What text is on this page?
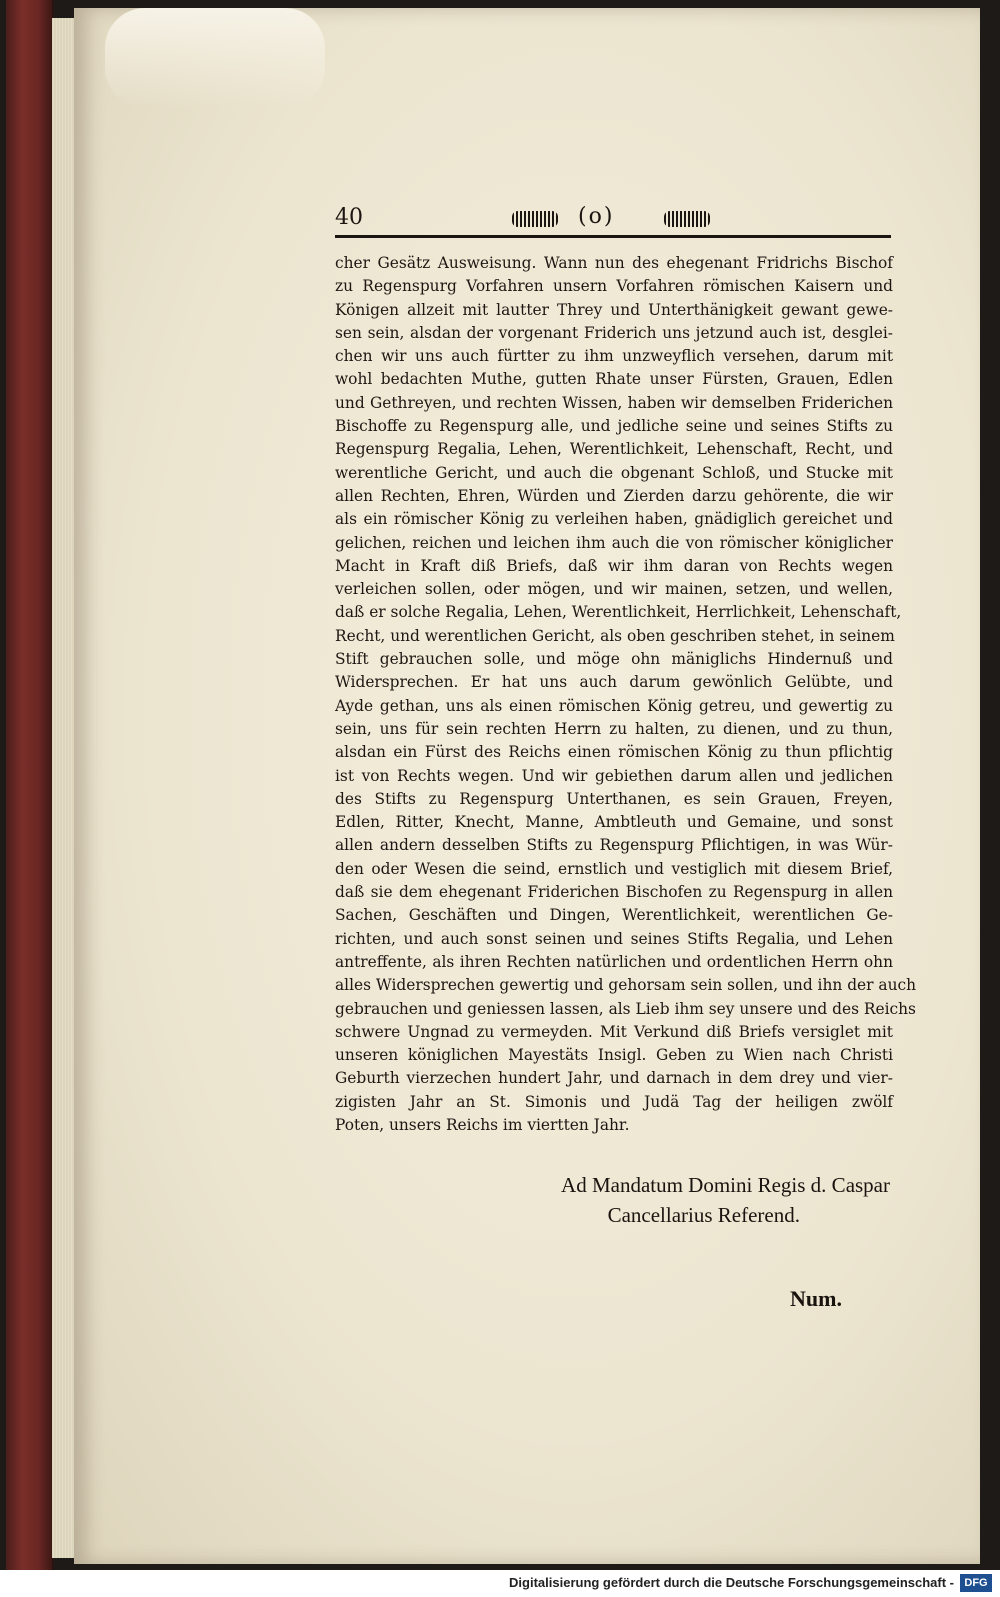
40	(o)
cher Gesätz Ausweisung. Wann nun des ehegenant Fridrichs Bischof
zu Regenspurg Vorfahren unsern Vorfahren römischen Kaisern und
Königen allzeit mit lautter Threy und Unterthänigkeit gewant gewe-
sen sein, alsdan der vorgenant Friderich uns jetzund auch ist, desglei-
chen wir uns auch fürtter zu ihm unzweyflich versehen, darum mit
wohl bedachten Muthe, gutten Rhate unser Fürsten, Grauen, Edlen
und Gethreyen, und rechten Wissen, haben wir demselben Friderichen
Bischoffe zu Regenspurg alle, und jedliche seine und seines Stifts zu
Regenspurg Regalia, Lehen, Werentlichkeit, Lehenschaft, Recht, und
werentliche Gericht, und auch die obgenant Schloß, und Stucke mit
allen Rechten, Ehren, Würden und Zierden darzu gehörente, die wir
als ein römischer König zu verleihen haben, gnädiglich gereichet und
gelichen, reichen und leichen ihm auch die von römischer königlicher
Macht in Kraft diß Briefs, daß wir ihm daran von Rechts wegen
verleichen sollen, oder mögen, und wir mainen, setzen, und wellen,
daß er solche Regalia, Lehen, Werentlichkeit, Herrlichkeit, Lehenschaft,
Recht, und werentlichen Gericht, als oben geschriben stehet, in seinem
Stift gebrauchen solle, und möge ohn mäniglichs Hindernuß und
Widersprechen. Er hat uns auch darum gewönlich Gelübte, und
Ayde gethan, uns als einen römischen König getreu, und gewertig zu
sein, uns für sein rechten Herrn zu halten, zu dienen, und zu thun,
alsdan ein Fürst des Reichs einen römischen König zu thun pflichtig
ist von Rechts wegen. Und wir gebiethen darum allen und jedlichen
des Stifts zu Regenspurg Unterthanen, es sein Grauen, Freyen,
Edlen, Ritter, Knecht, Manne, Ambtleuth und Gemaine, und sonst
allen andern desselben Stifts zu Regenspurg Pflichtigen, in was Wür-
den oder Wesen die seind, ernstlich und vestiglich mit diesem Brief,
daß sie dem ehegenant Friderichen Bischofen zu Regenspurg in allen
Sachen, Geschäften und Dingen, Werentlichkeit, werentlichen Ge-
richten, und auch sonst seinen und seines Stifts Regalia, und Lehen
antreffente, als ihren Rechten natürlichen und ordentlichen Herrn ohn
alles Widersprechen gewertig und gehorsam sein sollen, und ihn der auch
gebrauchen und geniessen lassen, als Lieb ihm sey unsere und des Reichs
schwere Ungnad zu vermeyden. Mit Verkund diß Briefs versiglet mit
unseren königlichen Mayestäts Insigl. Geben zu Wien nach Christi
Geburth vierzechen hundert Jahr, und darnach in dem drey und vier-
zigisten Jahr an St. Simonis und Judä Tag der heiligen zwölf
Poten, unsers Reichs im viertten Jahr.
Ad Mandatum Domini Regis d. Caspar
Cancellarius Referend.
Num.
Digitalisierung gefördert durch die Deutsche Forschungsgemeinschaft - DFG
